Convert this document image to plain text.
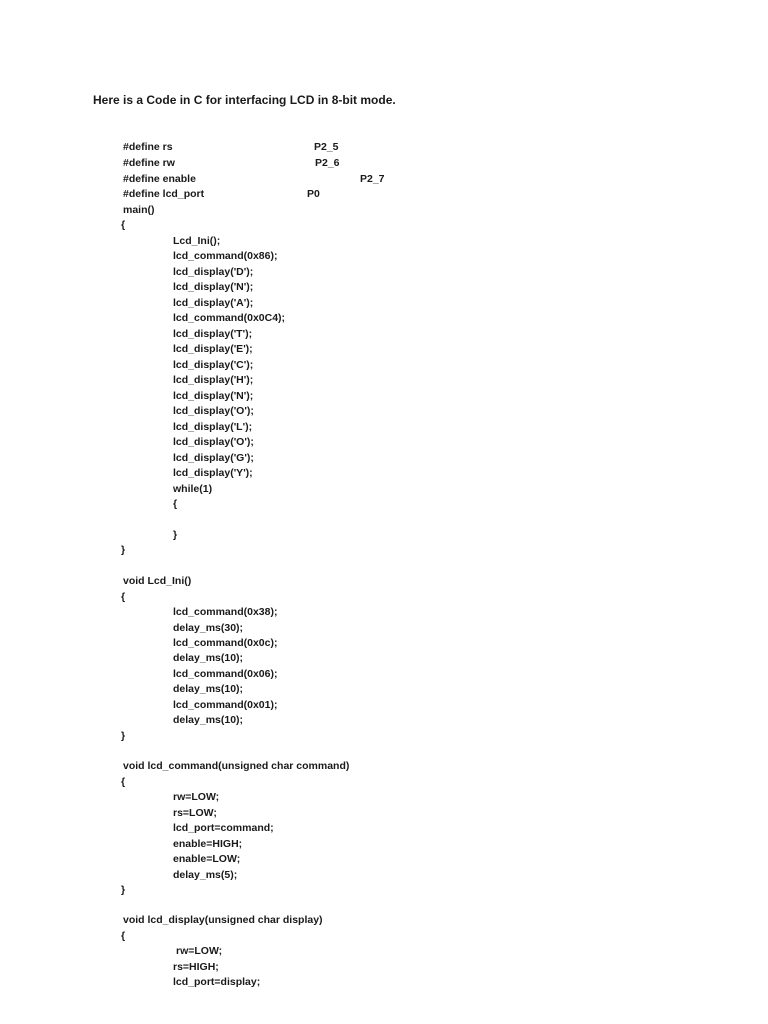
Here is a Code in C for interfacing LCD in 8-bit mode.
#define rs	P2_5
#define rw	P2_6
#define enable	P2_7
#define lcd_port	P0
main()
{
Lcd_Ini();
lcd_command(0x86);
lcd_display('D');
lcd_display('N');
lcd_display('A');
lcd_command(0x0C4);
lcd_display('T');
lcd_display('E');
lcd_display('C');
lcd_display('H');
lcd_display('N');
lcd_display('O');
lcd_display('L');
lcd_display('O');
lcd_display('G');
lcd_display('Y');
while(1)
{
}
}
void Lcd_Ini()
{
lcd_command(0x38);
delay_ms(30);
lcd_command(0x0c);
delay_ms(10);
lcd_command(0x06);
delay_ms(10);
lcd_command(0x01);
delay_ms(10);
}
void lcd_command(unsigned char command)
{
rw=LOW;
rs=LOW;
lcd_port=command;
enable=HIGH;
enable=LOW;
delay_ms(5);
}
void lcd_display(unsigned char display)
{
rw=LOW;
rs=HIGH;
lcd_port=display;
